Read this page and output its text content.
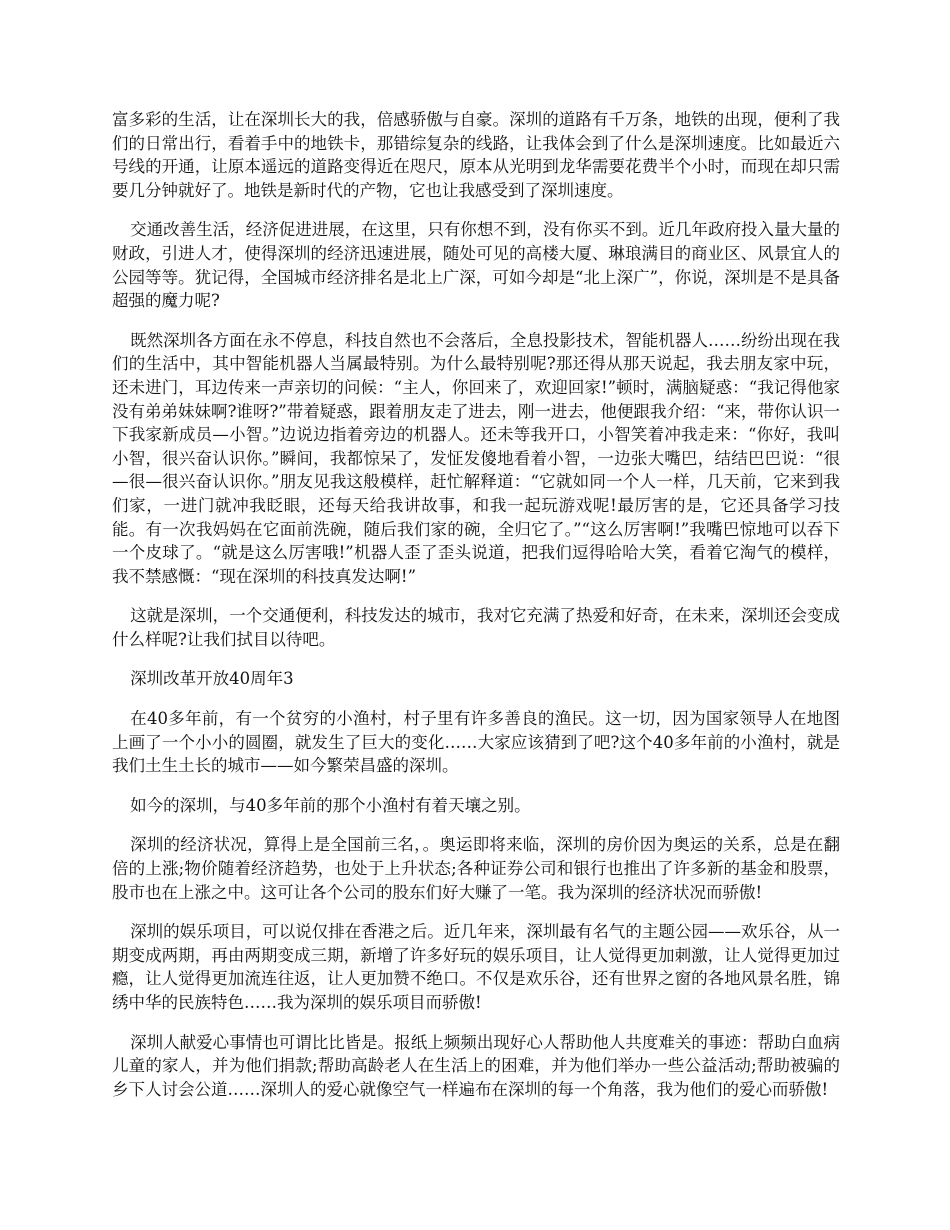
富多彩的生活，让在深圳长大的我，倍感骄傲与自豪。深圳的道路有千万条，地铁的出现，便利了我们的日常出行，看着手中的地铁卡，那错综复杂的线路，让我体会到了什么是深圳速度。比如最近六号线的开通，让原本遥远的道路变得近在咫尺，原本从光明到龙华需要花费半个小时，而现在却只需要几分钟就好了。地铁是新时代的产物，它也让我感受到了深圳速度。

交通改善生活，经济促进进展，在这里，只有你想不到，没有你买不到。近几年政府投入量大量的财政，引进人才，使得深圳的经济迅速进展，随处可见的高楼大厦、琳琅满目的商业区、风景宜人的公园等等。犹记得，全国城市经济排名是北上广深，可如今却是“北上深广”，你说，深圳是不是具备超强的魔力呢?

既然深圳各方面在永不停息，科技自然也不会落后，全息投影技术，智能机器人……纷纷出现在我们的生活中，其中智能机器人当属最特别。为什么最特别呢?那还得从那天说起，我去朋友家中玩，还未进门，耳边传来一声亲切的问候：“主人，你回来了，欢迎回家!”顿时，满脑疑惑：“我记得他家没有弟弟妹妹啊?谁呀?”带着疑惑，跟着朋友走了进去，刚一进去，他便跟我介绍：“来，带你认识一下我家新成员—小智。”边说边指着旁边的机器人。还未等我开口，小智笑着冲我走来：“你好，我叫小智，很兴奋认识你。”瞬间，我都惊呆了，发怔发傻地看着小智，一边张大嘴巴，结结巴巴说：“很—很—很兴奋认识你。”朋友见我这般模样，赶忙解释道：“它就如同一个人一样，几天前，它来到我们家，一进门就冲我眨眼，还每天给我讲故事，和我一起玩游戏呢!最厉害的是，它还具备学习技能。有一次我妈妈在它面前洗碗，随后我们家的碗，全归它了。”“这么厉害啊!”我嘴巴惊地可以吞下一个皮球了。“就是这么厉害哦!”机器人歪了歪头说道，把我们逗得哈哈大笑，看着它淘气的模样，我不禁感慨：“现在深圳的科技真发达啊!”

这就是深圳，一个交通便利，科技发达的城市，我对它充满了热爱和好奇，在未来，深圳还会变成什么样呢?让我们拭目以待吧。

深圳改革开放40周年3

在40多年前，有一个贫穷的小渔村，村子里有许多善良的渔民。这一切，因为国家领导人在地图上画了一个小小的圆圈，就发生了巨大的变化……大家应该猜到了吧?这个40多年前的小渔村，就是我们土生土长的城市——如今繁荣昌盛的深圳。

如今的深圳，与40多年前的那个小渔村有着天壤之别。

深圳的经济状况，算得上是全国前三名，。奥运即将来临，深圳的房价因为奥运的关系，总是在翻倍的上涨;物价随着经济趋势，也处于上升状态;各种证券公司和银行也推出了许多新的基金和股票，股市也在上涨之中。这可让各个公司的股东们好大赚了一笔。我为深圳的经济状况而骄傲!

深圳的娱乐项目，可以说仅排在香港之后。近几年来，深圳最有名气的主题公园——欢乐谷，从一期变成两期，再由两期变成三期，新增了许多好玩的娱乐项目，让人觉得更加刺激，让人觉得更加过瘾，让人觉得更加流连往返，让人更加赞不绝口。不仅是欢乐谷，还有世界之窗的各地风景名胜，锦绣中华的民族特色……我为深圳的娱乐项目而骄傲!

深圳人献爱心事情也可谓比比皆是。报纸上频频出现好心人帮助他人共度难关的事迹：帮助白血病儿童的家人，并为他们捐款;帮助高龄老人在生活上的困难，并为他们举办一些公益活动;帮助被骗的乡下人讨会公道……深圳人的爱心就像空气一样遍布在深圳的每一个角落，我为他们的爱心而骄傲!
